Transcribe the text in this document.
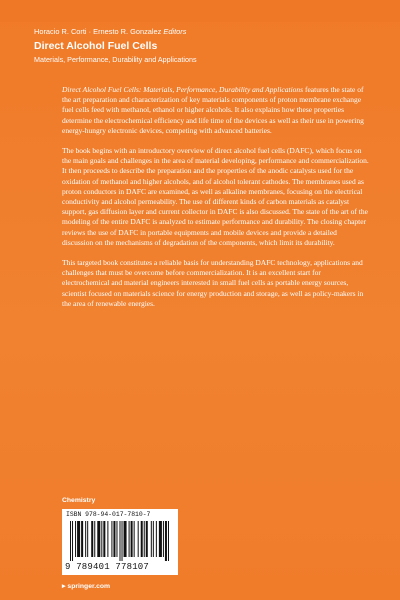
Horacio R. Corti · Ernesto R. Gonzalez Editors
Direct Alcohol Fuel Cells
Materials, Performance, Durability and Applications

Direct Alcohol Fuel Cells: Materials, Performance, Durability and Applications features the state of the art preparation and characterization of key materials components of proton membrane exchange fuel cells feed with methanol, ethanol or higher alcohols. It also explains how these properties determine the electrochemical efficiency and life time of the devices as well as their use in powering energy-hungry electronic devices, competing with advanced batteries.

The book begins with an introductory overview of direct alcohol fuel cells (DAFC), which focus on the main goals and challenges in the area of material developing, performance and commercialization. It then proceeds to describe the preparation and the properties of the anodic catalysts used for the oxidation of methanol and higher alcohols, and of alcohol tolerant cathodes. The membranes used as proton conductors in DAFC are examined, as well as alkaline membranes, focusing on the electrical conductivity and alcohol permeability. The use of different kinds of carbon materials as catalyst support, gas diffusion layer and current collector in DAFC is also discussed. The state of the art of the modeling of the entire DAFC is analyzed to estimate performance and durability. The closing chapter reviews the use of DAFC in portable equipments and mobile devices and provide a detailed discussion on the mechanisms of degradation of the components, which limit its durability.

This targeted book constitutes a reliable basis for understanding DAFC technology, applications and challenges that must be overcome before commercialization. It is an excellent start for electrochemical and material engineers interested in small fuel cells as portable energy sources, scientist focused on materials science for energy production and storage, as well as policy-makers in the area of renewable energies.

Chemistry
ISBN 978-94-017-7810-7
9 789401 778107
▸ springer.com
